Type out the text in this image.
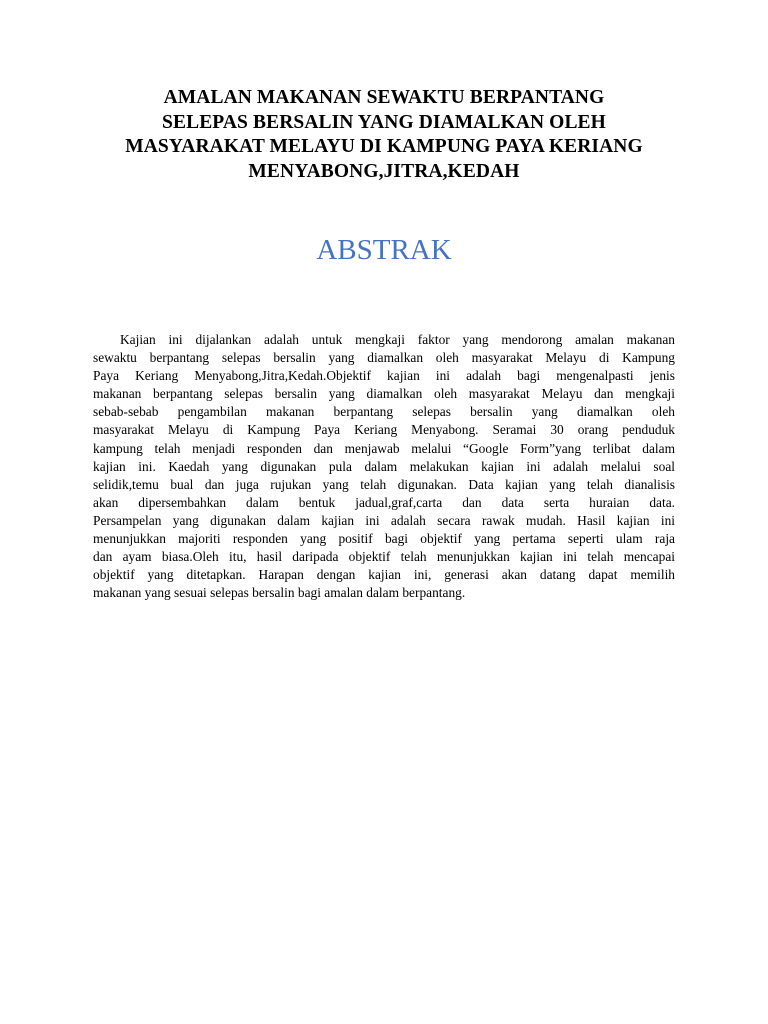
AMALAN MAKANAN SEWAKTU BERPANTANG
SELEPAS BERSALIN YANG DIAMALKAN OLEH
MASYARAKAT MELAYU DI KAMPUNG PAYA KERIANG
MENYABONG,JITRA,KEDAH
ABSTRAK

Kajian ini dijalankan adalah untuk mengkaji faktor yang mendorong amalan makanan
sewaktu berpantang selepas bersalin yang diamalkan oleh masyarakat Melayu di Kampung
Paya Keriang Menyabong,Jitra,Kedah.Objektif kajian ini adalah bagi mengenalpasti jenis
makanan berpantang selepas bersalin yang diamalkan oleh masyarakat Melayu dan mengkaji
sebab-sebab pengambilan makanan berpantang selepas bersalin yang diamalkan oleh
masyarakat Melayu di Kampung Paya Keriang Menyabong. Seramai 30 orang penduduk
kampung telah menjadi responden dan menjawab melalui “Google Form”yang terlibat dalam
kajian ini. Kaedah yang digunakan pula dalam melakukan kajian ini adalah melalui soal
selidik,temu bual dan juga rujukan yang telah digunakan. Data kajian yang telah dianalisis
akan dipersembahkan dalam bentuk jadual,graf,carta dan data serta huraian data.
Persampelan yang digunakan dalam kajian ini adalah secara rawak mudah. Hasil kajian ini
menunjukkan majoriti responden yang positif bagi objektif yang pertama seperti ulam raja
dan ayam biasa.Oleh itu, hasil daripada objektif telah menunjukkan kajian ini telah mencapai
objektif yang ditetapkan. Harapan dengan kajian ini, generasi akan datang dapat memilih
makanan yang sesuai selepas bersalin bagi amalan dalam berpantang.
